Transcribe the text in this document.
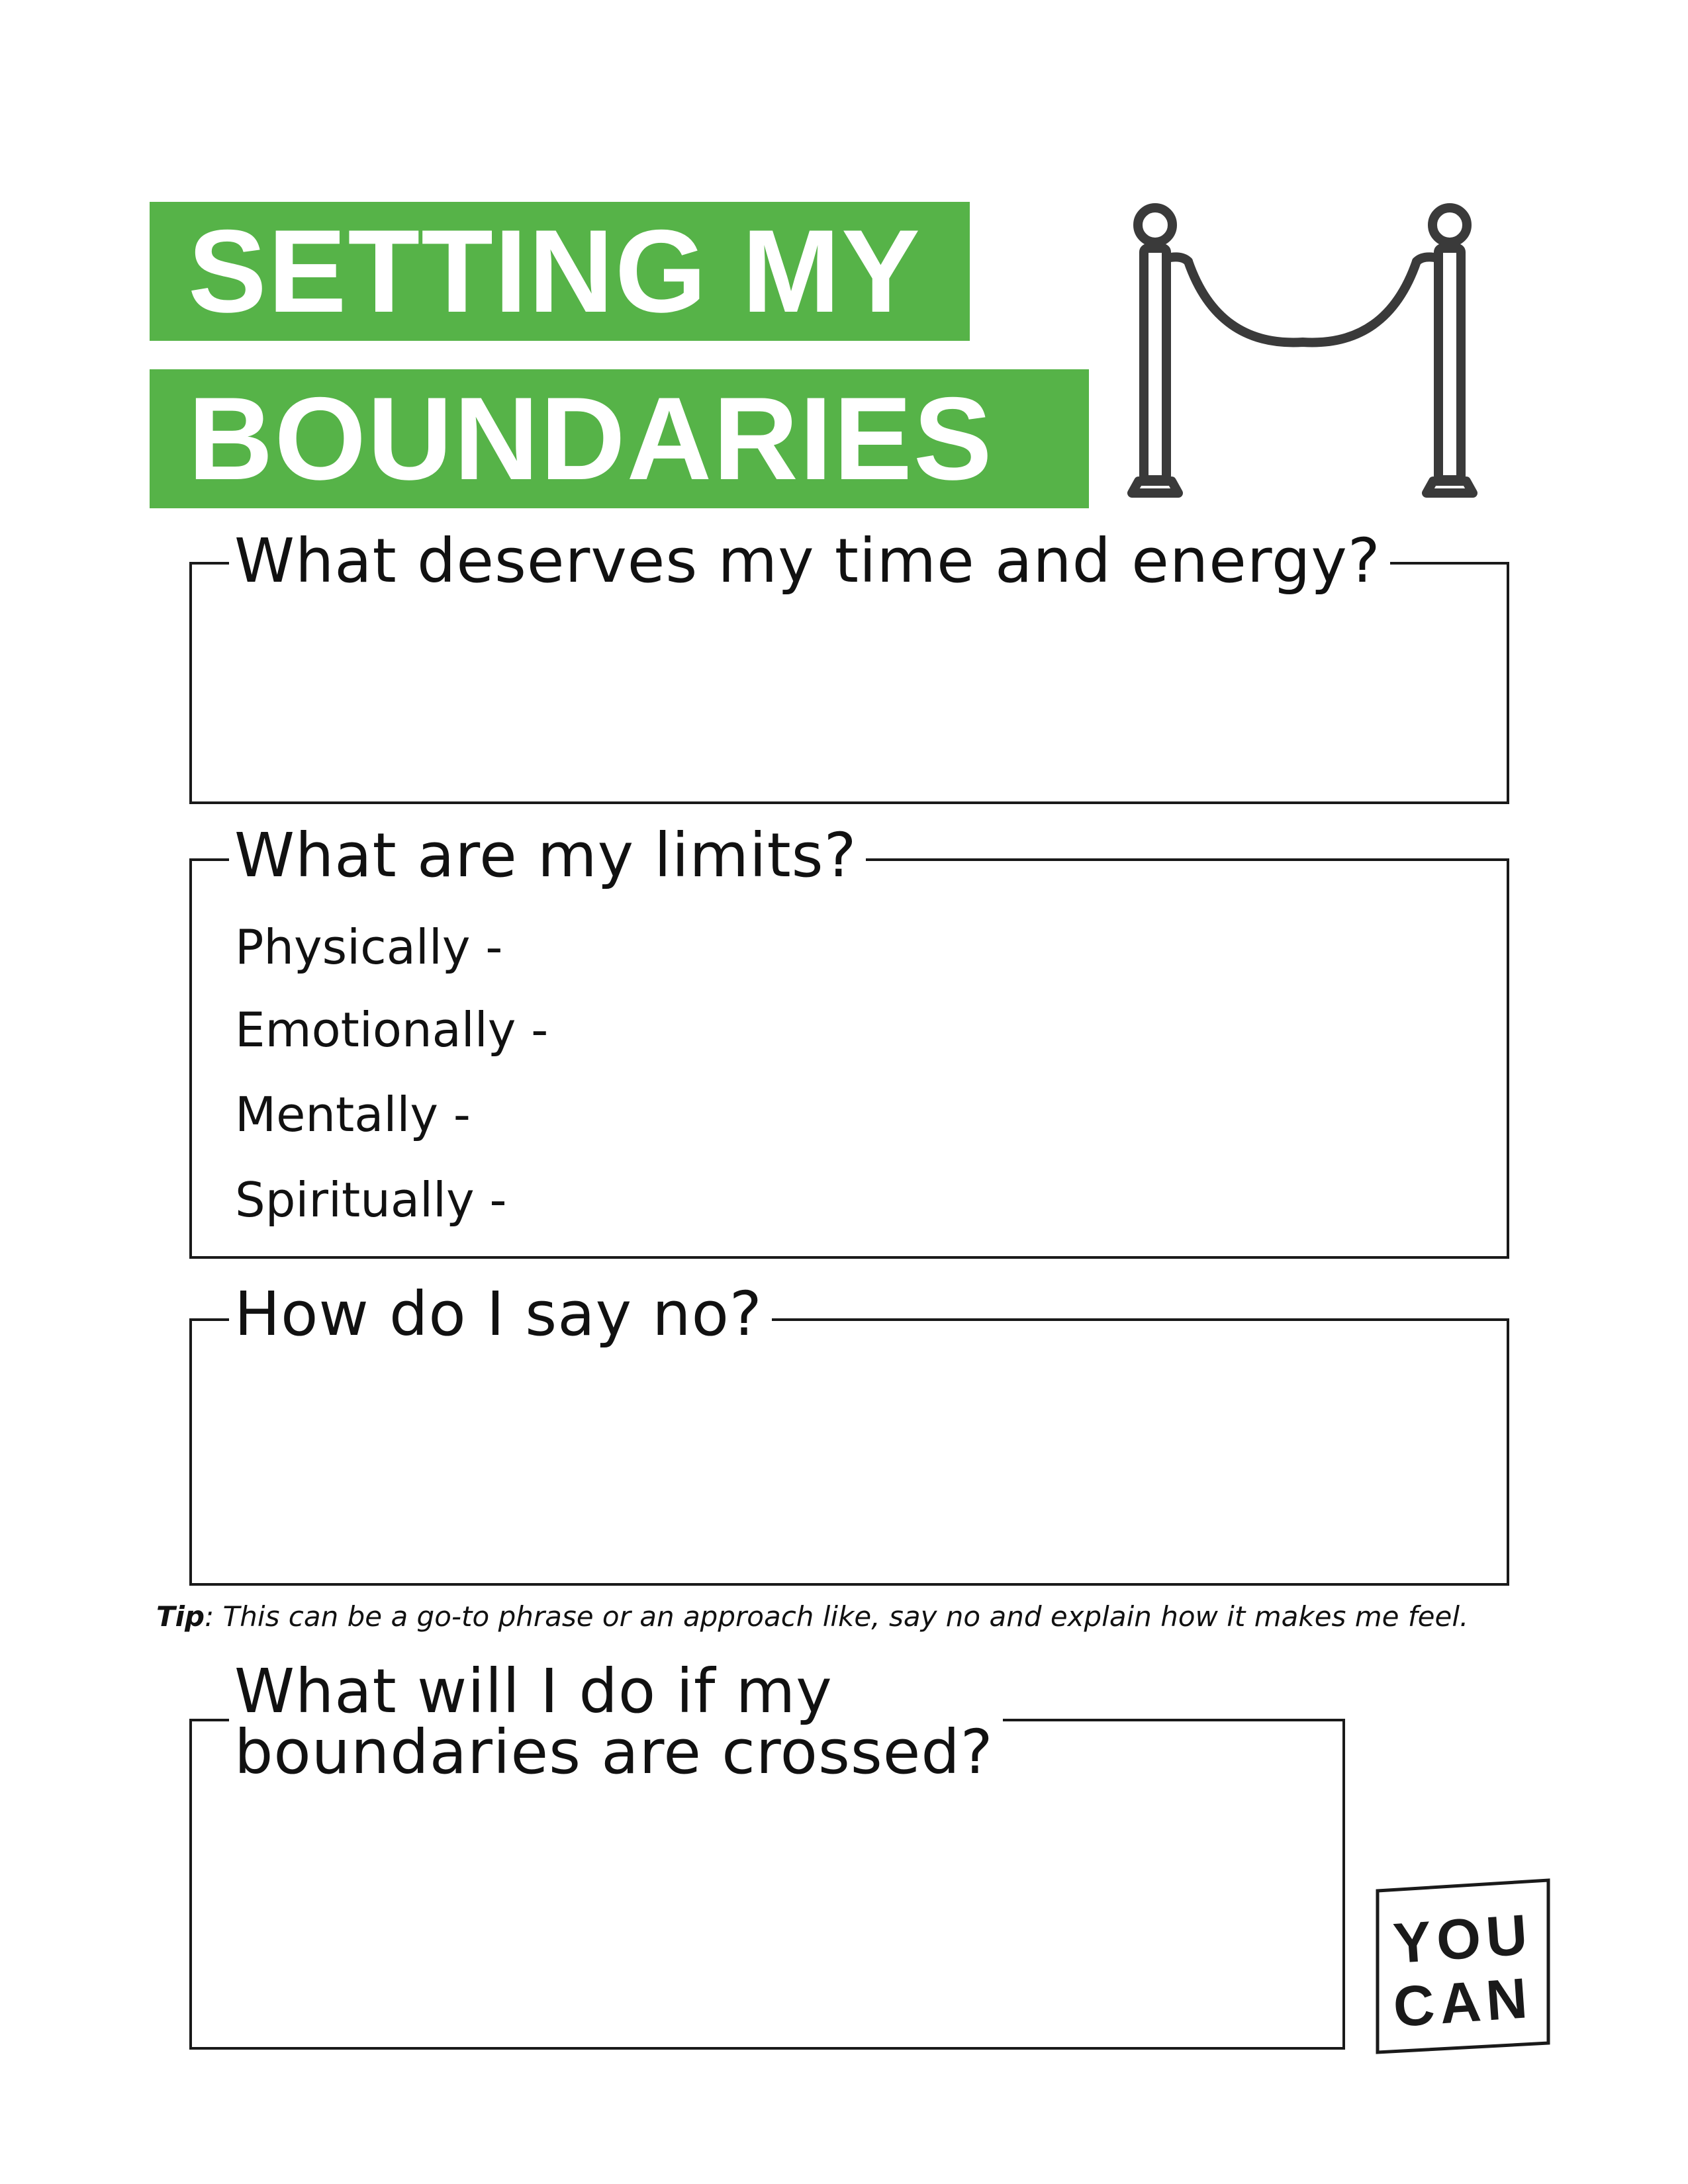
SETTING MY
BOUNDARIES
What deserves my time and energy?
What are my limits?
Physically -
Emotionally -
Mentally -
Spiritually -
How do I say no?
Tip: This can be a go-to phrase or an approach like, say no and explain how it makes me feel.
What will I do if my
boundaries are crossed?
YOU
CAN
